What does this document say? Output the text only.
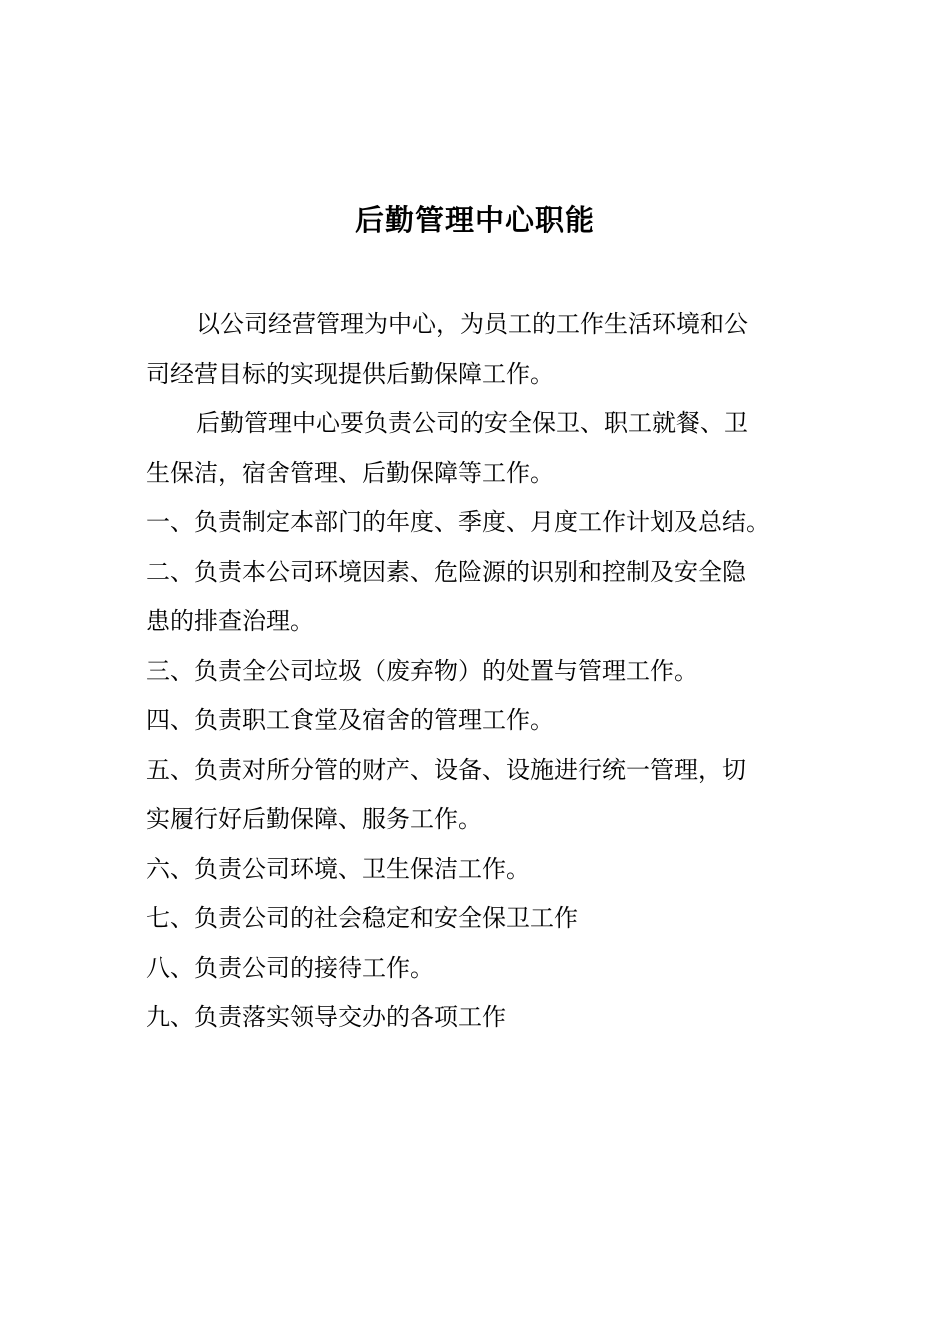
后勤管理中心职能

以公司经营管理为中心，为员工的工作生活环境和公

司经营目标的实现提供后勤保障工作。

后勤管理中心要负责公司的安全保卫、职工就餐、卫

生保洁，宿舍管理、后勤保障等工作。

一、负责制定本部门的年度、季度、月度工作计划及总结。

二、负责本公司环境因素、危险源的识别和控制及安全隐

患的排查治理。

三、负责全公司垃圾（废弃物）的处置与管理工作。

四、负责职工食堂及宿舍的管理工作。

五、负责对所分管的财产、设备、设施进行统一管理，切

实履行好后勤保障、服务工作。

六、负责公司环境、卫生保洁工作。

七、负责公司的社会稳定和安全保卫工作

八、负责公司的接待工作。

九、负责落实领导交办的各项工作
